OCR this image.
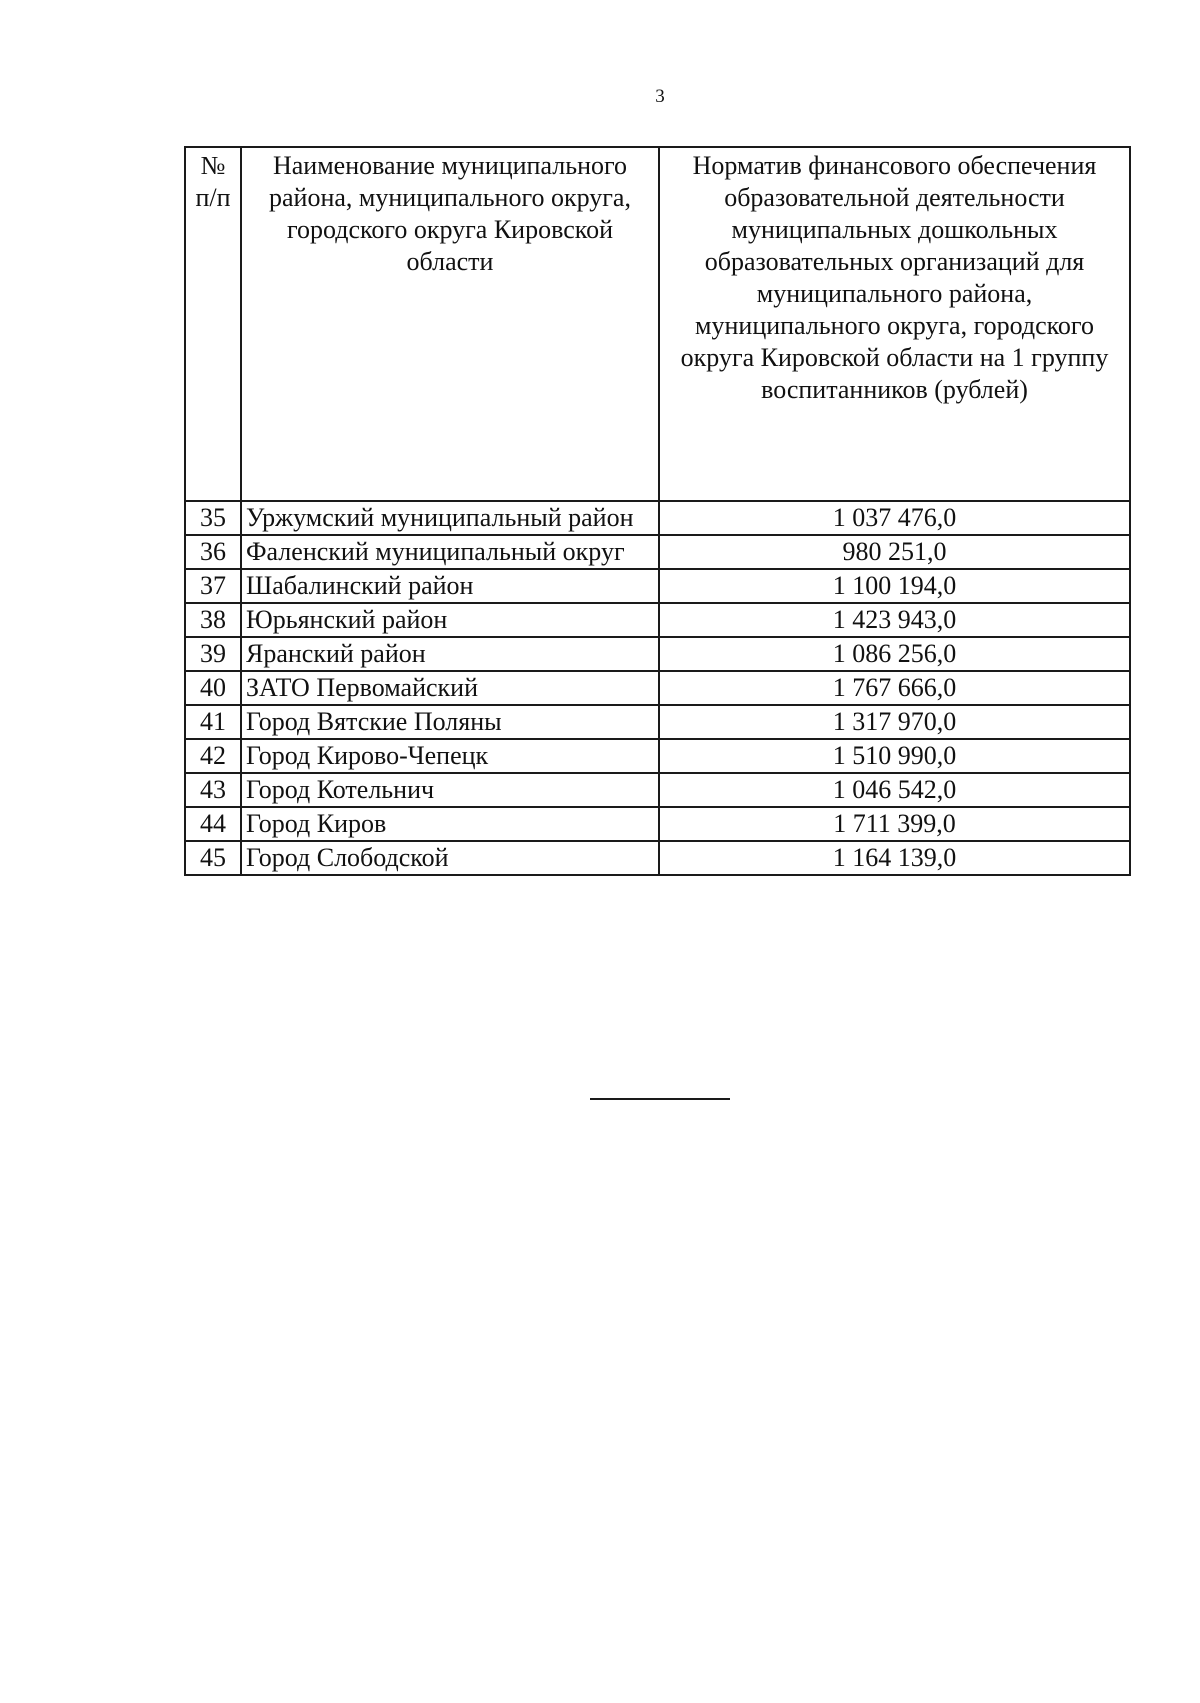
3
№ п/п	Наименование муниципального района, муниципального округа, городского округа Кировской области	Норматив финансового обеспечения образовательной деятельности муниципальных дошкольных образовательных организаций для муниципального района, муниципального округа, городского округа Кировской области на 1 группу воспитанников (рублей)
35	Уржумский муниципальный район	1 037 476,0
36	Фаленский муниципальный округ	980 251,0
37	Шабалинский район	1 100 194,0
38	Юрьянский район	1 423 943,0
39	Яранский район	1 086 256,0
40	ЗАТО Первомайский	1 767 666,0
41	Город Вятские Поляны	1 317 970,0
42	Город Кирово-Чепецк	1 510 990,0
43	Город Котельнич	1 046 542,0
44	Город Киров	1 711 399,0
45	Город Слободской	1 164 139,0
